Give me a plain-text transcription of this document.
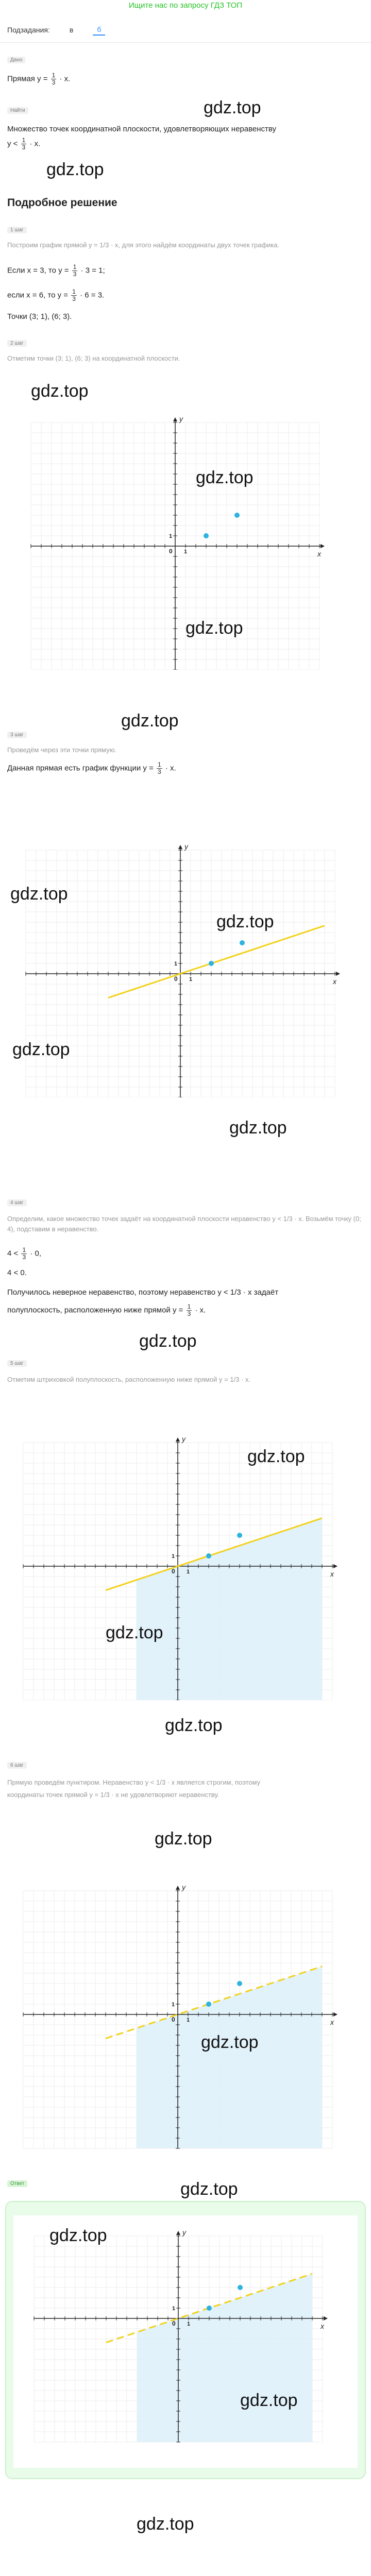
Ищите нас по запросу ГДЗ ТОП
Подзадания:	в	б
Дано
Прямая $y = \frac{1}{3} \cdot x$.
gdz.top
Найти
Множество точек координатной плоскости, удовлетворяющих неравенству
$y < \frac{1}{3} \cdot x$.
gdz.top
Подробное решение
1 шаг
Построим график прямой y = 1/3 · x, для этого найдём координаты двух точек графика.
Если x = 3, то $y = \frac{1}{3} \cdot 3 = 1$;
если x = 6, то $y = \frac{1}{3} \cdot 6 = 3$.
Точки (3; 1), (6; 3).
2 шаг
Отметим точки (3; 1), (6; 3) на координатной плоскости.
gdz.top
x
y
0 1
1
gdz.top
gdz.top
gdz.top
3 шаг
Проведём через эти точки прямую.
Данная прямая есть график функции $y = \frac{1}{3} \cdot x$.
x
y
0 1
1
gdz.top
gdz.top
gdz.top
gdz.top
4 шаг
Определим, какое множество точек задаёт на координатной плоскости неравенство y < 1/3 · x. Возьмём точку (0; 4), подставим в неравенство.
$4 < \frac{1}{3} \cdot 0$,
4 < 0.
Получилось неверное неравенство, поэтому неравенство y < 1/3 · x задаёт
полуплоскость, расположенную ниже прямой $y = \frac{1}{3} \cdot x$.
gdz.top
5 шаг
Отметим штриховкой полуплоскость, расположенную ниже прямой y = 1/3 · x.
x
y
0 1
1
gdz.top
gdz.top
gdz.top
6 шаг
Прямую проведём пунктиром. Неравенство y < 1/3 · x является строгим, поэтому
координаты точек прямой y = 1/3 · x не удовлетворяют неравенству.
gdz.top
x
y
0 1
1
gdz.top
Ответ	gdz.top
x
y
0 1
1
gdz.top
gdz.top
gdz.top
